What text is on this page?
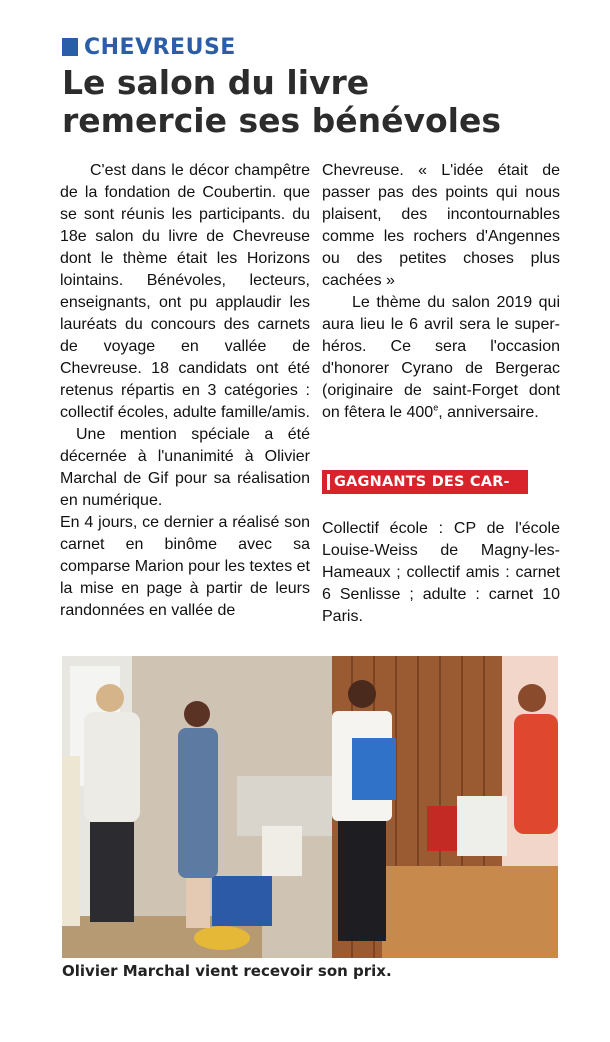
CHEVREUSE
Le salon du livre
remercie ses bénévoles

C'est dans le décor champêtre de la fondation de Coubertin. que se sont réunis les participants. du 18e salon du livre de Chevreuse dont le thème était les Horizons lointains. Bénévoles, lecteurs, enseignants, ont pu applaudir les lauréats du concours des carnets de voyage en vallée de Chevreuse. 18 candidats ont été retenus répartis en 3 catégories : collectif écoles, adulte famille/amis.

Une mention spéciale a été décernée à l'unanimité à Olivier Marchal de Gif pour sa réalisation en numérique.

En 4 jours, ce dernier a réalisé son carnet en binôme avec sa comparse Marion pour les textes et la mise en page à partir de leurs randonnées en vallée de

Chevreuse. « L'idée était de passer pas des points qui nous plaisent, des incontournables comme les rochers d'Angennes ou des petites choses plus cachées »

Le thème du salon 2019 qui aura lieu le 6 avril sera le super-héros. Ce sera l'occasion d'honorer Cyrano de Bergerac (originaire de saint-Forget dont on fêtera le 400e, anniversaire.

GAGNANTS DES CAR-

Collectif école : CP de l'école Louise-Weiss de Magny-les-Hameaux ; collectif amis : carnet 6 Senlisse ; adulte : carnet 10 Paris.

Olivier Marchal vient recevoir son prix.
